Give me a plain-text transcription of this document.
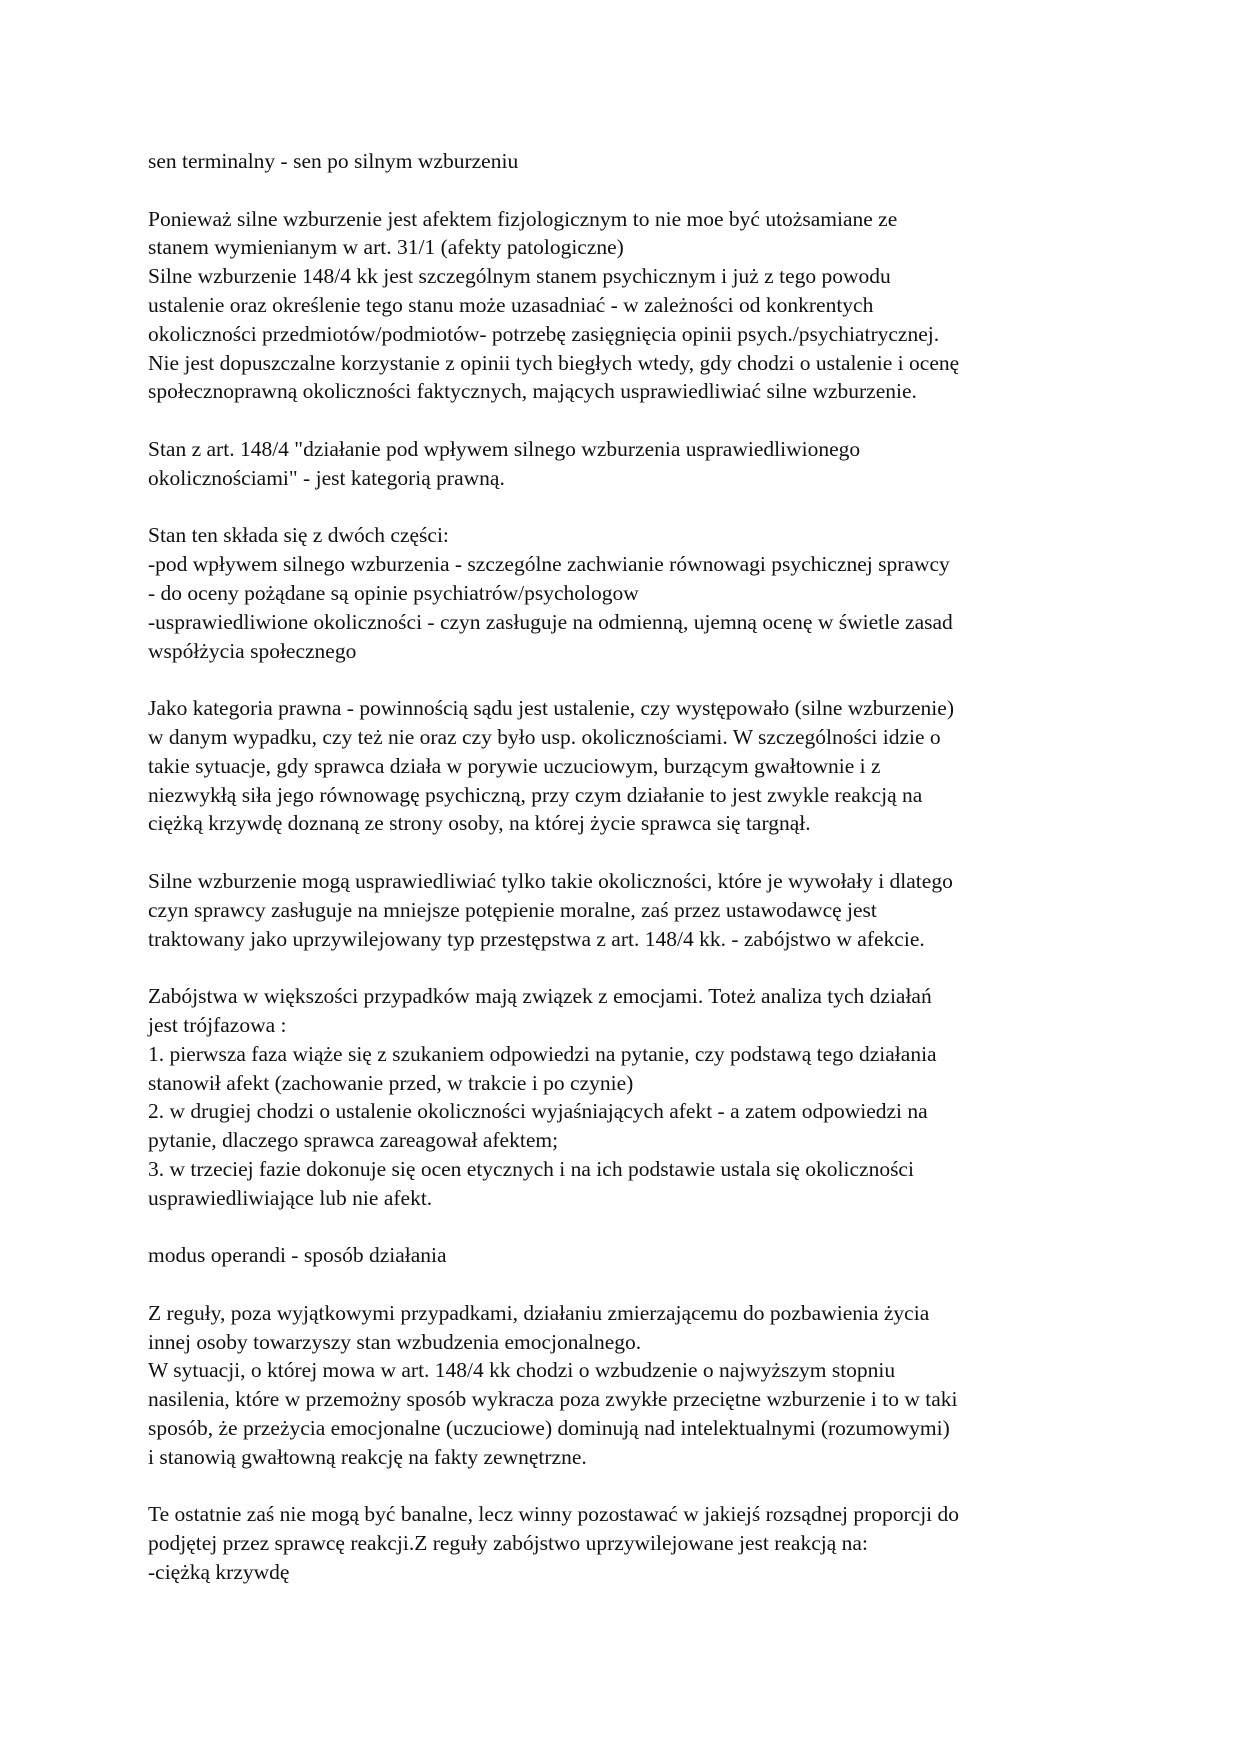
sen terminalny - sen po silnym wzburzeniu

Ponieważ silne wzburzenie jest afektem fizjologicznym to nie moe być utożsamiane ze
stanem wymienianym w art. 31/1 (afekty patologiczne)
Silne wzburzenie 148/4 kk jest szczególnym stanem psychicznym i już z tego powodu
ustalenie oraz określenie tego stanu może uzasadniać - w zależności od konkrentych
okoliczności przedmiotów/podmiotów- potrzebę zasięgnięcia opinii psych./psychiatrycznej.
Nie jest dopuszczalne korzystanie z opinii tych biegłych wtedy, gdy chodzi o ustalenie i ocenę
społecznoprawną okoliczności faktycznych, mających usprawiedliwiać silne wzburzenie.

Stan z art. 148/4 "działanie pod wpływem silnego wzburzenia usprawiedliwionego
okolicznościami" - jest kategorią prawną.

Stan ten składa się z dwóch części:
-pod wpływem silnego wzburzenia - szczególne zachwianie równowagi psychicznej sprawcy
- do oceny pożądane są opinie psychiatrów/psychologow
-usprawiedliwione okoliczności - czyn zasługuje na odmienną, ujemną ocenę w świetle zasad
współżycia społecznego

Jako kategoria prawna - powinnością sądu jest ustalenie, czy występowało (silne wzburzenie)
w danym wypadku, czy też nie oraz czy było usp. okolicznościami. W szczególności idzie o
takie sytuacje, gdy sprawca działa w porywie uczuciowym, burzącym gwałtownie i z
niezwykłą siła jego równowagę psychiczną, przy czym działanie to jest zwykle reakcją na
ciężką krzywdę doznaną ze strony osoby, na której życie sprawca się targnął.

Silne wzburzenie mogą usprawiedliwiać tylko takie okoliczności, które je wywołały i dlatego
czyn sprawcy zasługuje na mniejsze potępienie moralne, zaś przez ustawodawcę jest
traktowany jako uprzywilejowany typ przestępstwa z art. 148/4 kk. - zabójstwo w afekcie.

Zabójstwa w większości przypadków mają związek z emocjami. Toteż analiza tych działań
jest trójfazowa :
1. pierwsza faza wiąże się z szukaniem odpowiedzi na pytanie, czy podstawą tego działania
stanowił afekt (zachowanie przed, w trakcie i po czynie)
2. w drugiej chodzi o ustalenie okoliczności wyjaśniających afekt - a zatem odpowiedzi na
pytanie, dlaczego sprawca zareagował afektem;
3. w trzeciej fazie dokonuje się ocen etycznych i na ich podstawie ustala się okoliczności
usprawiedliwiające lub nie afekt.

modus operandi - sposób działania

Z reguły, poza wyjątkowymi przypadkami, działaniu zmierzającemu do pozbawienia życia
innej osoby towarzyszy stan wzbudzenia emocjonalnego.
W sytuacji, o której mowa w art. 148/4 kk chodzi o wzbudzenie o najwyższym stopniu
nasilenia, które w przemożny sposób wykracza poza zwykłe przeciętne wzburzenie i to w taki
sposób, że przeżycia emocjonalne (uczuciowe) dominują nad intelektualnymi (rozumowymi)
i stanowią gwałtowną reakcję na fakty zewnętrzne.

Te ostatnie zaś nie mogą być banalne, lecz winny pozostawać w jakiejś rozsądnej proporcji do
podjętej przez sprawcę reakcji.Z reguły zabójstwo uprzywilejowane jest reakcją na:
-ciężką krzywdę
